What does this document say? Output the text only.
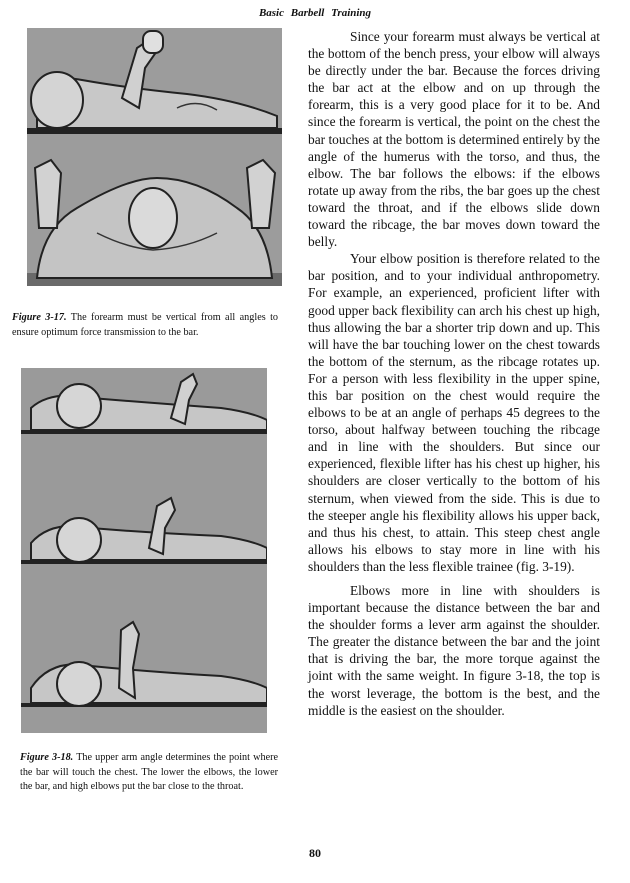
Basic Barbell Training
Figure 3-17. The forearm must be vertical from all angles to ensure optimum force transmission to the bar.
Figure 3-18. The upper arm angle determines the point where the bar will touch the chest. The lower the elbows, the lower the bar, and high elbows put the bar close to the throat.

Since your forearm must always be vertical at the bottom of the bench press, your elbow will always be directly under the bar. Because the forces driving the bar act at the elbow and on up through the forearm, this is a very good place for it to be. And since the forearm is vertical, the point on the chest the bar touches at the bottom is determined entirely by the angle of the humerus with the torso, and thus, the elbow. The bar follows the elbows: if the elbows rotate up away from the ribs, the bar goes up the chest toward the throat, and if the elbows slide down toward the ribcage, the bar moves down toward the belly.

Your elbow position is therefore related to the bar position, and to your individual anthropometry. For example, an experienced, proficient lifter with good upper back flexibility can arch his chest up high, thus allowing the bar a shorter trip down and up. This will have the bar touching lower on the chest towards the bottom of the sternum, as the ribcage rotates up. For a person with less flexibility in the upper spine, this bar position on the chest would require the elbows to be at an angle of perhaps 45 degrees to the torso, about halfway between touching the ribcage and in line with the shoulders. But since our experienced, flexible lifter has his chest up higher, his shoulders are closer vertically to the bottom of his sternum, when viewed from the side. This is due to the steeper angle his flexibility allows his upper back, and thus his chest, to attain. This steep chest angle allows his elbows to stay more in line with his shoulders than the less flexible trainee (fig. 3-19).

Elbows more in line with shoulders is important because the distance between the bar and the shoulder forms a lever arm against the shoulder. The greater the distance between the bar and the joint that is driving the bar, the more torque against the joint with the same weight. In figure 3-18, the top is the worst leverage, the bottom is the best, and the middle is the easiest on the shoulder.

80
